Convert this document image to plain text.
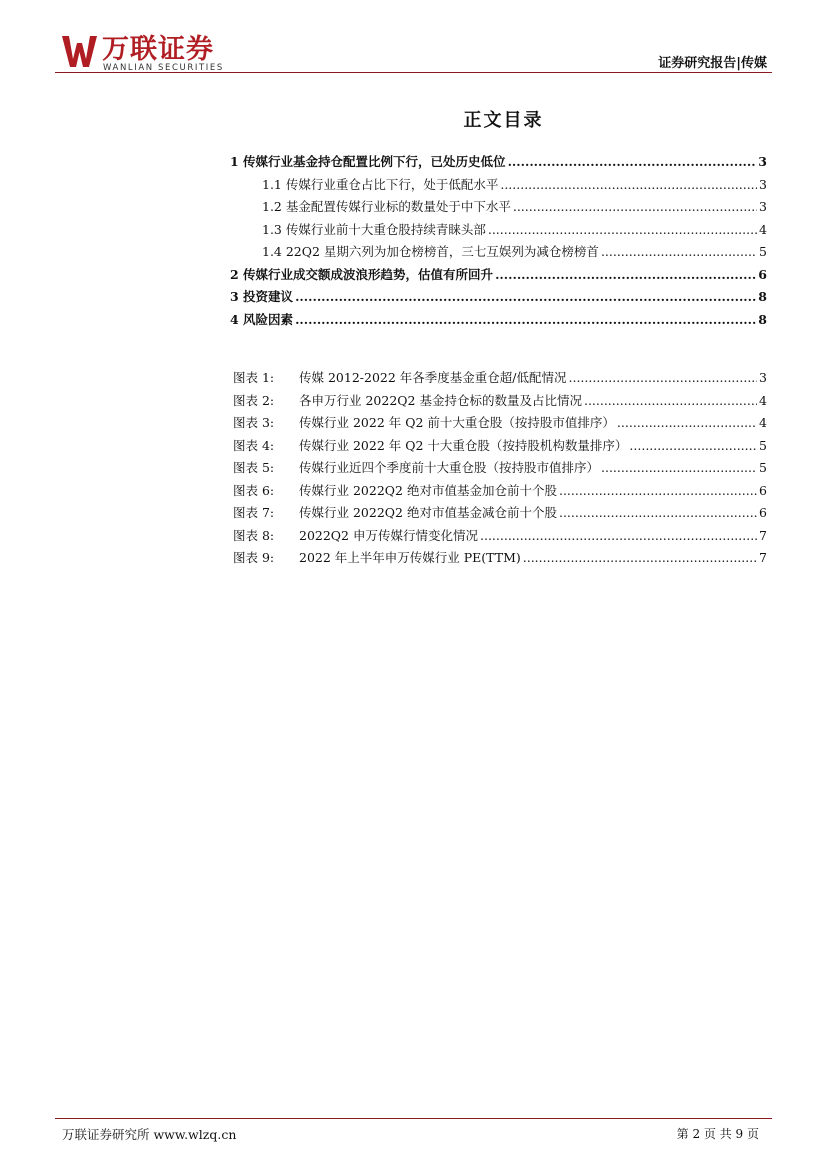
万联证券
WANLIAN SECURITIES	证券研究报告|传媒
正文目录
1 传媒行业基金持仓配置比例下行，已处历史低位 .....	3
1.1 传媒行业重仓占比下行，处于低配水平 .....	3
1.2 基金配置传媒行业标的数量处于中下水平 .....	3
1.3 传媒行业前十大重仓股持续青睐头部 .....	4
1.4 22Q2 星期六列为加仓榜榜首，三七互娱列为减仓榜榜首 .....	5
2 传媒行业成交额成波浪形趋势，估值有所回升 .....	6
3 投资建议 .....	8
4 风险因素 .....	8
图表 1:	传媒 2012-2022 年各季度基金重仓超/低配情况 .....	3
图表 2:	各申万行业 2022Q2 基金持仓标的数量及占比情况 .....	4
图表 3:	传媒行业 2022 年 Q2 前十大重仓股（按持股市值排序） .....	4
图表 4:	传媒行业 2022 年 Q2 十大重仓股（按持股机构数量排序） .....	5
图表 5:	传媒行业近四个季度前十大重仓股（按持股市值排序） .....	5
图表 6:	传媒行业 2022Q2 绝对市值基金加仓前十个股 .....	6
图表 7:	传媒行业 2022Q2 绝对市值基金减仓前十个股 .....	6
图表 8:	2022Q2 申万传媒行情变化情况 .....	7
图表 9:	2022 年上半年申万传媒行业 PE(TTM) .....	7
万联证券研究所 www.wlzq.cn	第 2 页 共 9 页
